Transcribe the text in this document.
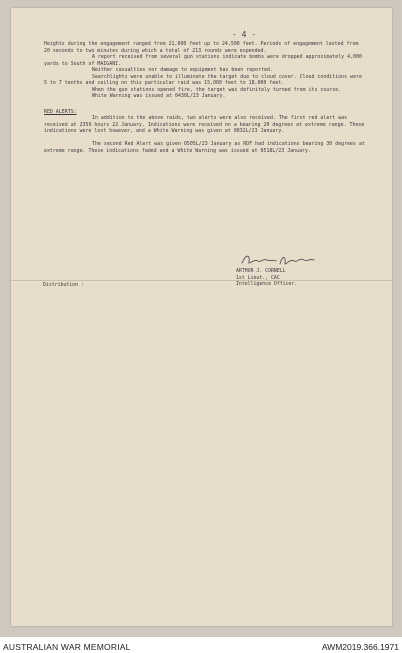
- 4 -

Heights during the engagement ranged from 21,000 feet up to 24,500 feet. Periods of engagement lasted from 20 seconds to two minutes during which a total of 213 rounds were expended.

A report received from several gun stations indicate bombs were dropped approximately 4,000 yards to South of MAIGANI.

Neither casualties nor damage to equipment has been reported.

Searchlights were unable to illuminate the target due to cloud cover. Cloud conditions were 5 to 7 tenths and ceiling on this particular raid was 15,000 feet to 18,000 feet.

When the gun stations opened fire, the target was definitely turned from its course.

White Warning was issued at 0430L/23 January.

RED ALERTS:

In addition to the above raids, two alerts were also received. The first red alert was received at 2359 hours 22 January. Indications were received on a bearing 20 degrees at extreme range. These indications were lost however, and a White Warning was given at 0032L/23 January.

The second Red Alert was given 0505L/23 January as RDF had indications bearing 30 degrees at extreme range. These indications faded and a White Warning was issued at 0518L/23 January.

ARTHUR J. CORNELL
1st Lieut., CAC
Intelligence Officer.
Distribution :
AUSTRALIAN WAR MEMORIAL	AWM2019.366.1971
